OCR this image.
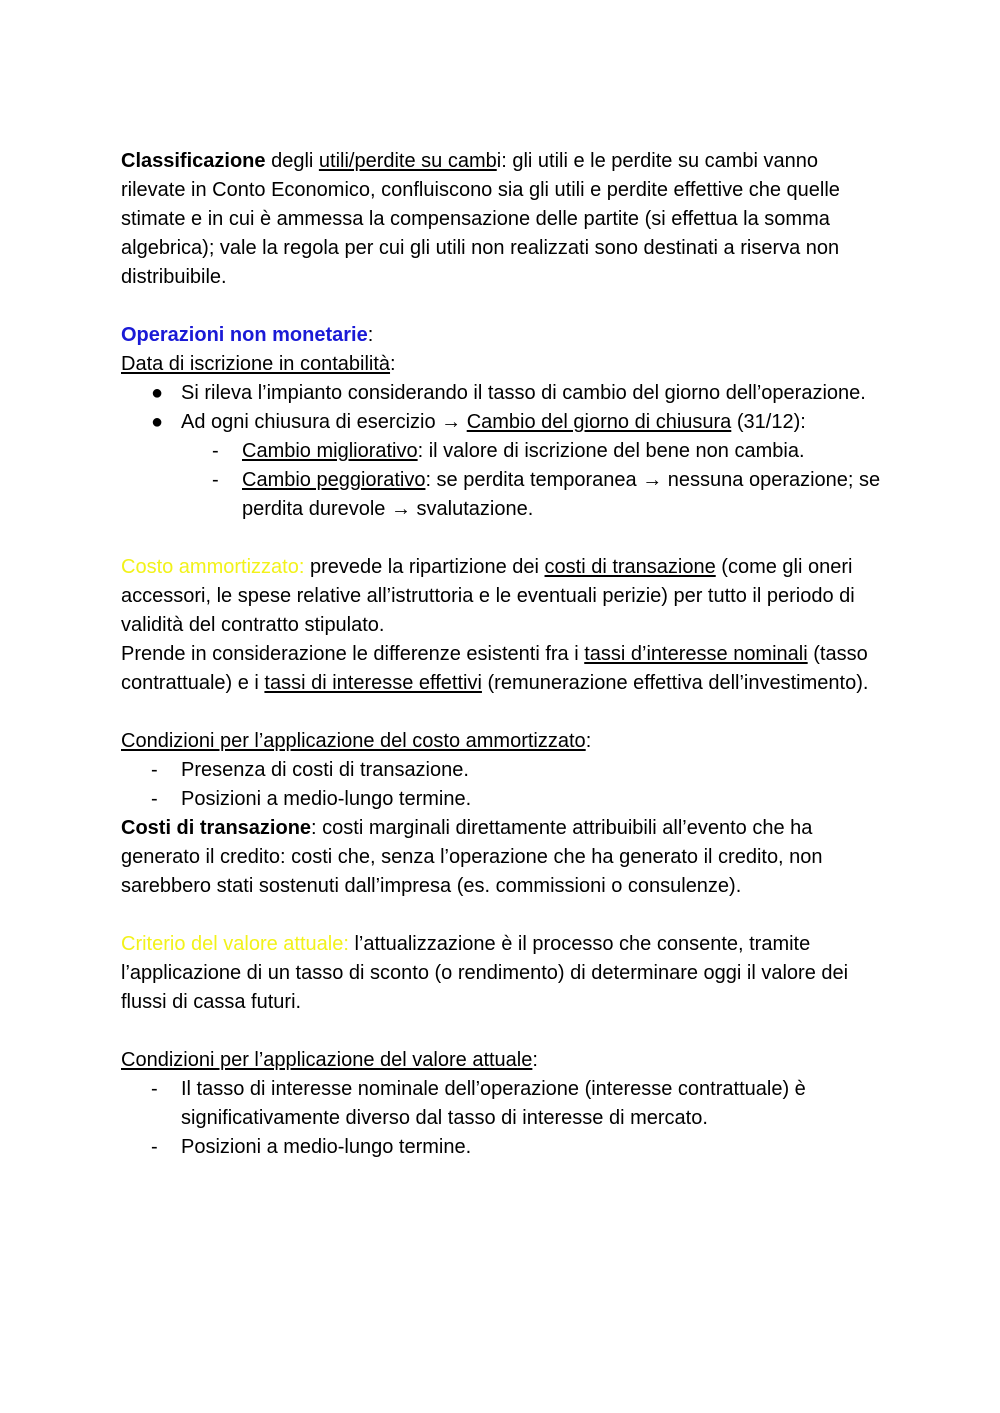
Classificazione degli utili/perdite su cambi: gli utili e le perdite su cambi vanno rilevate in Conto Economico, confluiscono sia gli utili e perdite effettive che quelle stimate e in cui è ammessa la compensazione delle partite (si effettua la somma algebrica); vale la regola per cui gli utili non realizzati sono destinati a riserva non distribuibile.

Operazioni non monetarie:

Data di iscrizione in contabilità:

● Si rileva l’impianto considerando il tasso di cambio del giorno dell’operazione.
● Ad ogni chiusura di esercizio → Cambio del giorno di chiusura (31/12):
- Cambio migliorativo: il valore di iscrizione del bene non cambia.
- Cambio peggiorativo: se perdita temporanea → nessuna operazione; se perdita durevole → svalutazione.

Costo ammortizzato: prevede la ripartizione dei costi di transazione (come gli oneri accessori, le spese relative all’istruttoria e le eventuali perizie) per tutto il periodo di validità del contratto stipulato.

Prende in considerazione le differenze esistenti fra i tassi d’interesse nominali (tasso contrattuale) e i tassi di interesse effettivi (remunerazione effettiva dell’investimento).

Condizioni per l’applicazione del costo ammortizzato:

- Presenza di costi di transazione.
- Posizioni a medio-lungo termine.

Costi di transazione: costi marginali direttamente attribuibili all’evento che ha generato il credito: costi che, senza l’operazione che ha generato il credito, non sarebbero stati sostenuti dall’impresa (es. commissioni o consulenze).

Criterio del valore attuale: l’attualizzazione è il processo che consente, tramite l’applicazione di un tasso di sconto (o rendimento) di determinare oggi il valore dei flussi di cassa futuri.

Condizioni per l’applicazione del valore attuale:

- Il tasso di interesse nominale dell’operazione (interesse contrattuale) è significativamente diverso dal tasso di interesse di mercato.
- Posizioni a medio-lungo termine.
